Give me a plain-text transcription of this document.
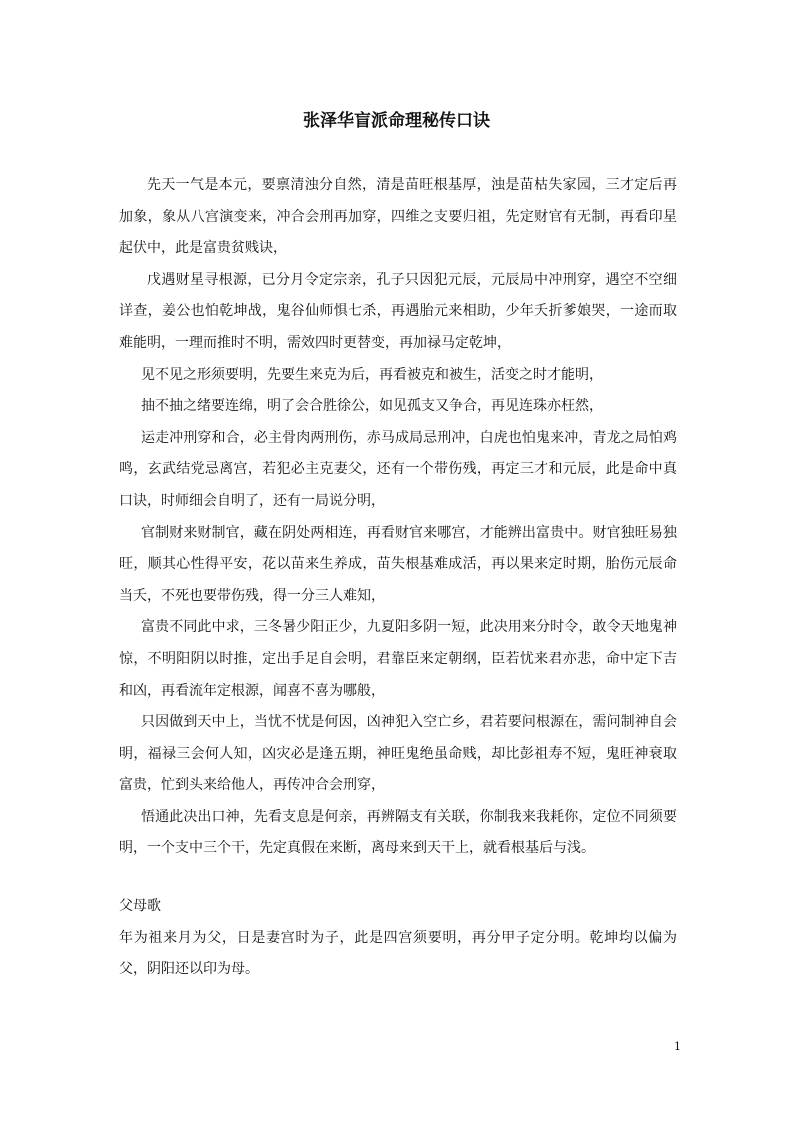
张泽华盲派命理秘传口诀

先天一气是本元，要禀清浊分自然，清是苗旺根基厚，浊是苗枯失家园，三才定后再加象，象从八宫演变来，冲合会刑再加穿，四维之支要归祖，先定财官有无制，再看印星起伏中，此是富贵贫贱诀，

戊遇财星寻根源，已分月令定宗亲，孔子只因犯元辰，元辰局中冲刑穿，遇空不空细详查，姜公也怕乾坤战，鬼谷仙师惧七杀，再遇胎元来相助，少年夭折爹娘哭，一途而取难能明，一理而推时不明，需效四时更替变，再加禄马定乾坤，

见不见之形须要明，先要生来克为后，再看被克和被生，活变之时才能明，

抽不抽之绪要连绵，明了会合胜徐公，如见孤支又争合，再见连珠亦枉然，

运走冲刑穿和合，必主骨肉两刑伤，赤马成局忌刑冲，白虎也怕鬼来冲，青龙之局怕鸡鸣，玄武结党忌离宫，若犯必主克妻父，还有一个带伤残，再定三才和元辰，此是命中真口诀，时师细会自明了，还有一局说分明，

官制财来财制官，藏在阴处两相连，再看财官来哪宫，才能辨出富贵中。财官独旺易独旺，顺其心性得平安，花以苗来生养成，苗失根基难成活，再以果来定时期，胎伤元辰命当夭，不死也要带伤残，得一分三人难知，

富贵不同此中求，三冬暑少阳正少，九夏阳多阴一短，此决用来分时令，敢令天地鬼神惊，不明阳阴以时推，定出手足自会明，君靠臣来定朝纲，臣若忧来君亦悲，命中定下吉和凶，再看流年定根源，闻喜不喜为哪般，

只因做到天中上，当忧不忧是何因，凶神犯入空亡乡，君若要问根源在，需问制神自会明，福禄三会何人知，凶灾必是逢五期，神旺鬼绝虽命贱，却比彭祖寿不短，鬼旺神衰取富贵，忙到头来给他人，再传冲合会刑穿，

悟通此决出口神，先看支息是何亲，再辨隔支有关联，你制我来我耗你，定位不同须要明，一个支中三个干，先定真假在来断，离母来到天干上，就看根基后与浅。

父母歌

年为祖来月为父，日是妻宫时为子，此是四宫须要明，再分甲子定分明。乾坤均以偏为父，阴阳还以印为母。

1
